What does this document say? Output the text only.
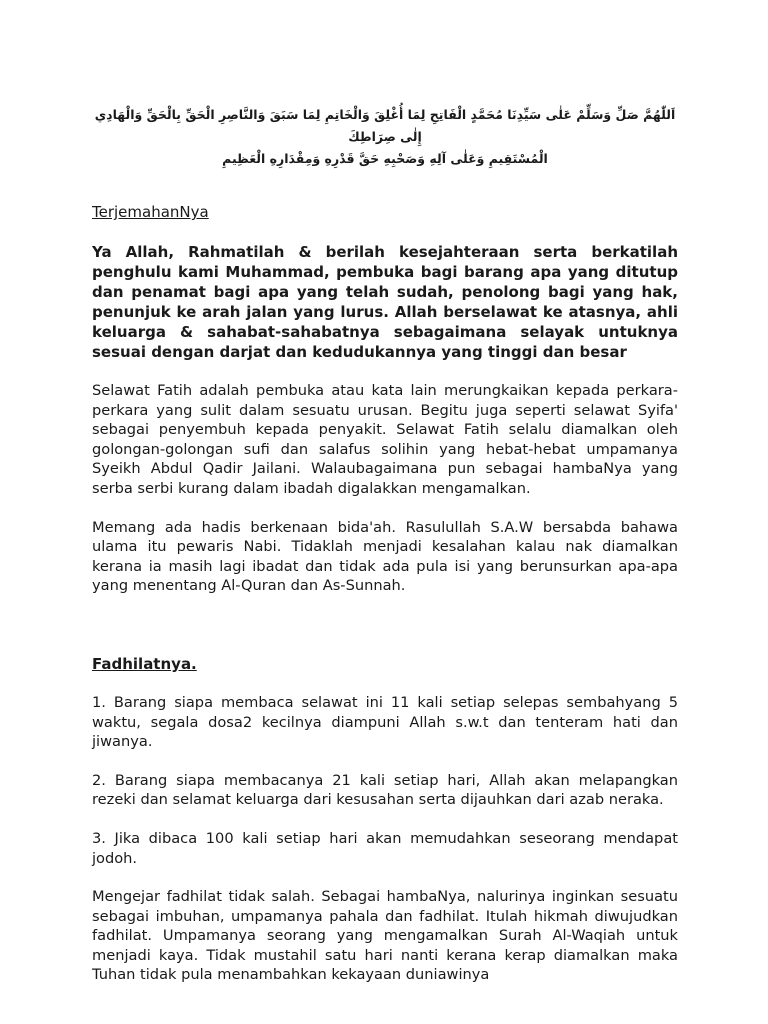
اَللّٰهُمَّ صَلِّ وَسَلِّمْ عَلٰى سَيِّدِنَا مُحَمَّدٍ الْفَاتِحِ لِمَا أُغْلِقَ وَالْخَاتِمِ لِمَا سَبَقَ وَالنَّاصِرِ الْحَقِّ بِالْحَقِّ وَالْهَادِي إِلٰى صِرَاطِكَ
الْمُسْتَقِيمِ وَعَلٰى آلِهِ وَصَحْبِهِ حَقَّ قَدْرِهِ وَمِقْدَارِهِ الْعَظِيمِ
TerjemahanNya

Ya Allah, Rahmatilah & berilah kesejahteraan serta berkatilah penghulu kami Muhammad, pembuka bagi barang apa yang ditutup dan penamat bagi apa yang telah sudah, penolong bagi yang hak, penunjuk ke arah jalan yang lurus. Allah berselawat ke atasnya, ahli keluarga & sahabat-sahabatnya sebagaimana selayak untuknya sesuai dengan darjat dan kedudukannya yang tinggi dan besar

Selawat Fatih adalah pembuka atau kata lain merungkaikan kepada perkara-perkara yang sulit dalam sesuatu urusan. Begitu juga seperti selawat Syifa' sebagai penyembuh kepada penyakit. Selawat Fatih selalu diamalkan oleh golongan-golongan sufi dan salafus solihin yang hebat-hebat umpamanya Syeikh Abdul Qadir Jailani. Walaubagaimana pun sebagai hambaNya yang serba serbi kurang dalam ibadah digalakkan mengamalkan.

Memang ada hadis berkenaan bida'ah. Rasulullah S.A.W bersabda bahawa ulama itu pewaris Nabi. Tidaklah menjadi kesalahan kalau nak diamalkan kerana ia masih lagi ibadat dan tidak ada pula isi yang berunsurkan apa-apa yang menentang Al-Quran dan As-Sunnah.

Fadhilatnya.

1. Barang siapa membaca selawat ini 11 kali setiap selepas sembahyang 5 waktu, segala dosa2 kecilnya diampuni Allah s.w.t dan tenteram hati dan jiwanya.

2. Barang siapa membacanya 21 kali setiap hari, Allah akan melapangkan rezeki dan selamat keluarga dari kesusahan serta dijauhkan dari azab neraka.

3. Jika dibaca 100 kali setiap hari akan memudahkan seseorang mendapat jodoh.

Mengejar fadhilat tidak salah. Sebagai hambaNya, nalurinya inginkan sesuatu sebagai imbuhan, umpamanya pahala dan fadhilat. Itulah hikmah diwujudkan fadhilat. Umpamanya seorang yang mengamalkan Surah Al-Waqiah untuk menjadi kaya. Tidak mustahil satu hari nanti kerana kerap diamalkan maka Tuhan tidak pula menambahkan kekayaan duniawinya
